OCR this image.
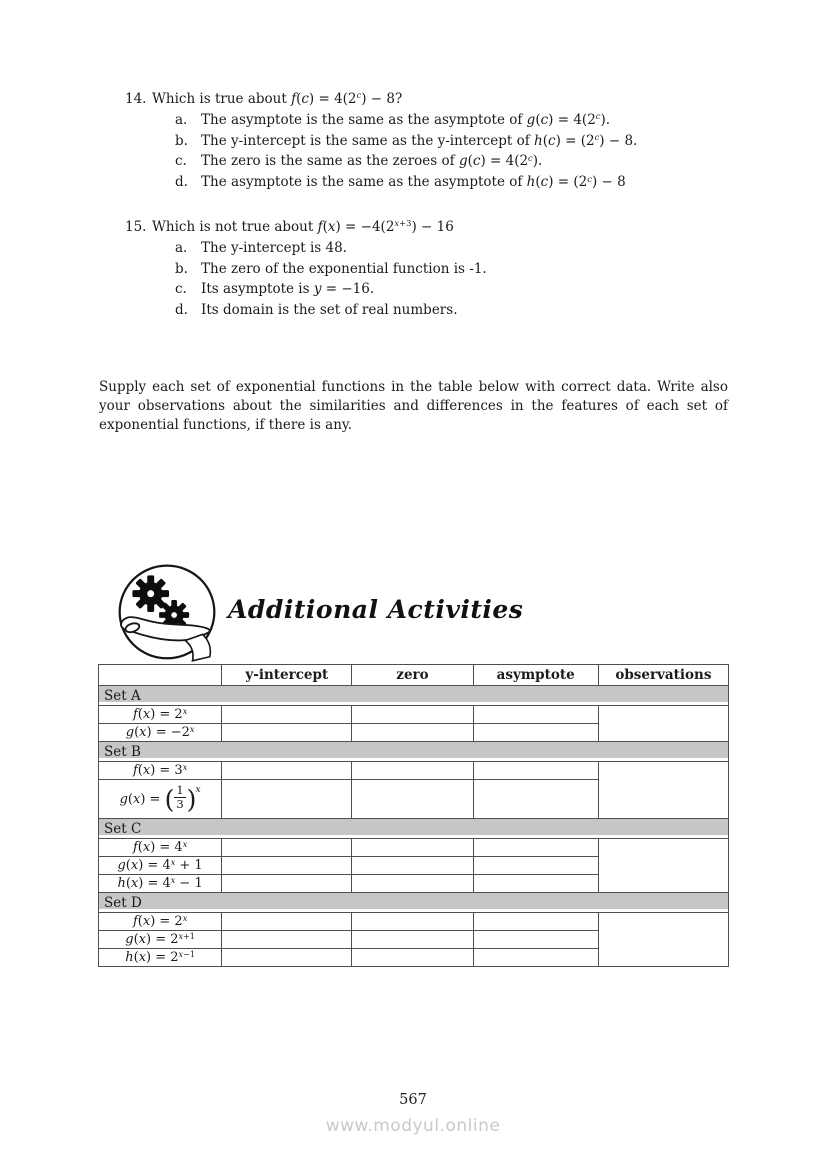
14. Which is true about $f(c) = 4(2^c) - 8$?
a.	The asymptote is the same as the asymptote of $g(c) = 4(2^c)$.
b. The y-intercept is the same as the y-intercept of $h(c) = (2^c) - 8$.
c.	The zero is the same as the zeroes of $g(c) = 4(2^c)$.
d. The asymptote is the same as the asymptote of $h(c) = (2^c) - 8$
15. Which is not true about $f(x) = -4(2^{x+3}) - 16$
a.	The y-intercept is 48.
b. The zero of the exponential function is -1.
c.	Its asymptote is y = −16.
d. Its domain is the set of real numbers.

Supply each set of exponential functions in the table below with correct data. Write also your observations about the similarities and differences in the features of each set of exponential functions, if there is any.

Additional Activities
	y-intercept	zero	asymptote	observations
Set A				
$f(x) = 2^x$				
$g(x) = -2^x$			
Set B				
$f(x) = 3^x$				
g(x) = ( $\frac{1}{3} )^x$			
Set C				
$f(x) = 4^x$				
$g(x) = 4^x + 1$				
$h(x) = 4^x - 1$				
Set D				
$f(x) = 2^x$				
$g(x) = 2^{x+1}$			
$h(x) = 2^{x-1}$			
567
www.modyul.online
